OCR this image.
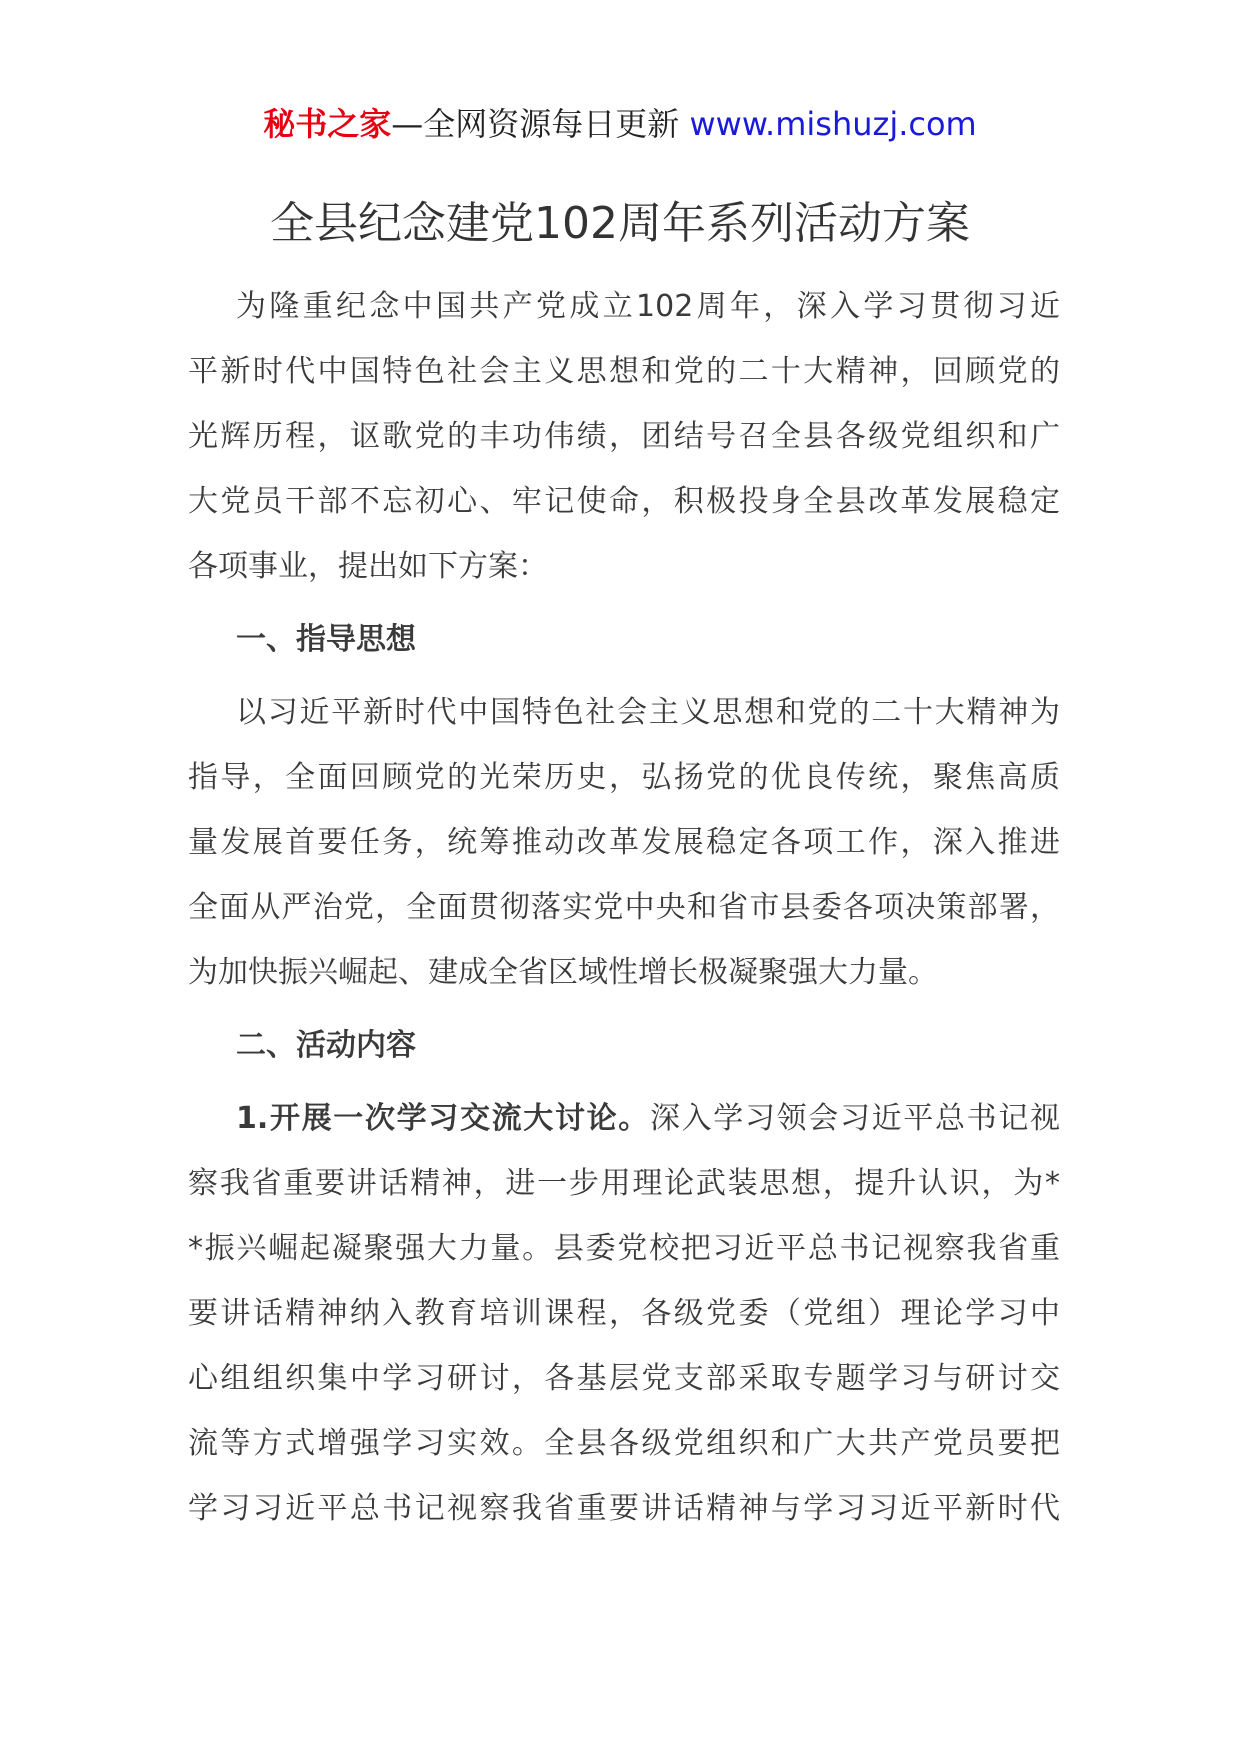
秘书之家—全网资源每日更新 www.mishuzj.com
全县纪念建党102周年系列活动方案
为隆重纪念中国共产党成立102周年，深入学习贯彻习近
平新时代中国特色社会主义思想和党的二十大精神，回顾党的
光辉历程，讴歌党的丰功伟绩，团结号召全县各级党组织和广
大党员干部不忘初心、牢记使命，积极投身全县改革发展稳定
各项事业，提出如下方案：
一、指导思想
以习近平新时代中国特色社会主义思想和党的二十大精神为
指导，全面回顾党的光荣历史，弘扬党的优良传统，聚焦高质
量发展首要任务，统筹推动改革发展稳定各项工作，深入推进
全面从严治党，全面贯彻落实党中央和省市县委各项决策部署，
为加快振兴崛起、建成全省区域性增长极凝聚强大力量。
二、活动内容
1.开展一次学习交流大讨论。深入学习领会习近平总书记视
察我省重要讲话精神，进一步用理论武装思想，提升认识，为*
*振兴崛起凝聚强大力量。县委党校把习近平总书记视察我省重
要讲话精神纳入教育培训课程，各级党委（党组）理论学习中
心组组织集中学习研讨，各基层党支部采取专题学习与研讨交
流等方式增强学习实效。全县各级党组织和广大共产党员要把
学习习近平总书记视察我省重要讲话精神与学习习近平新时代
